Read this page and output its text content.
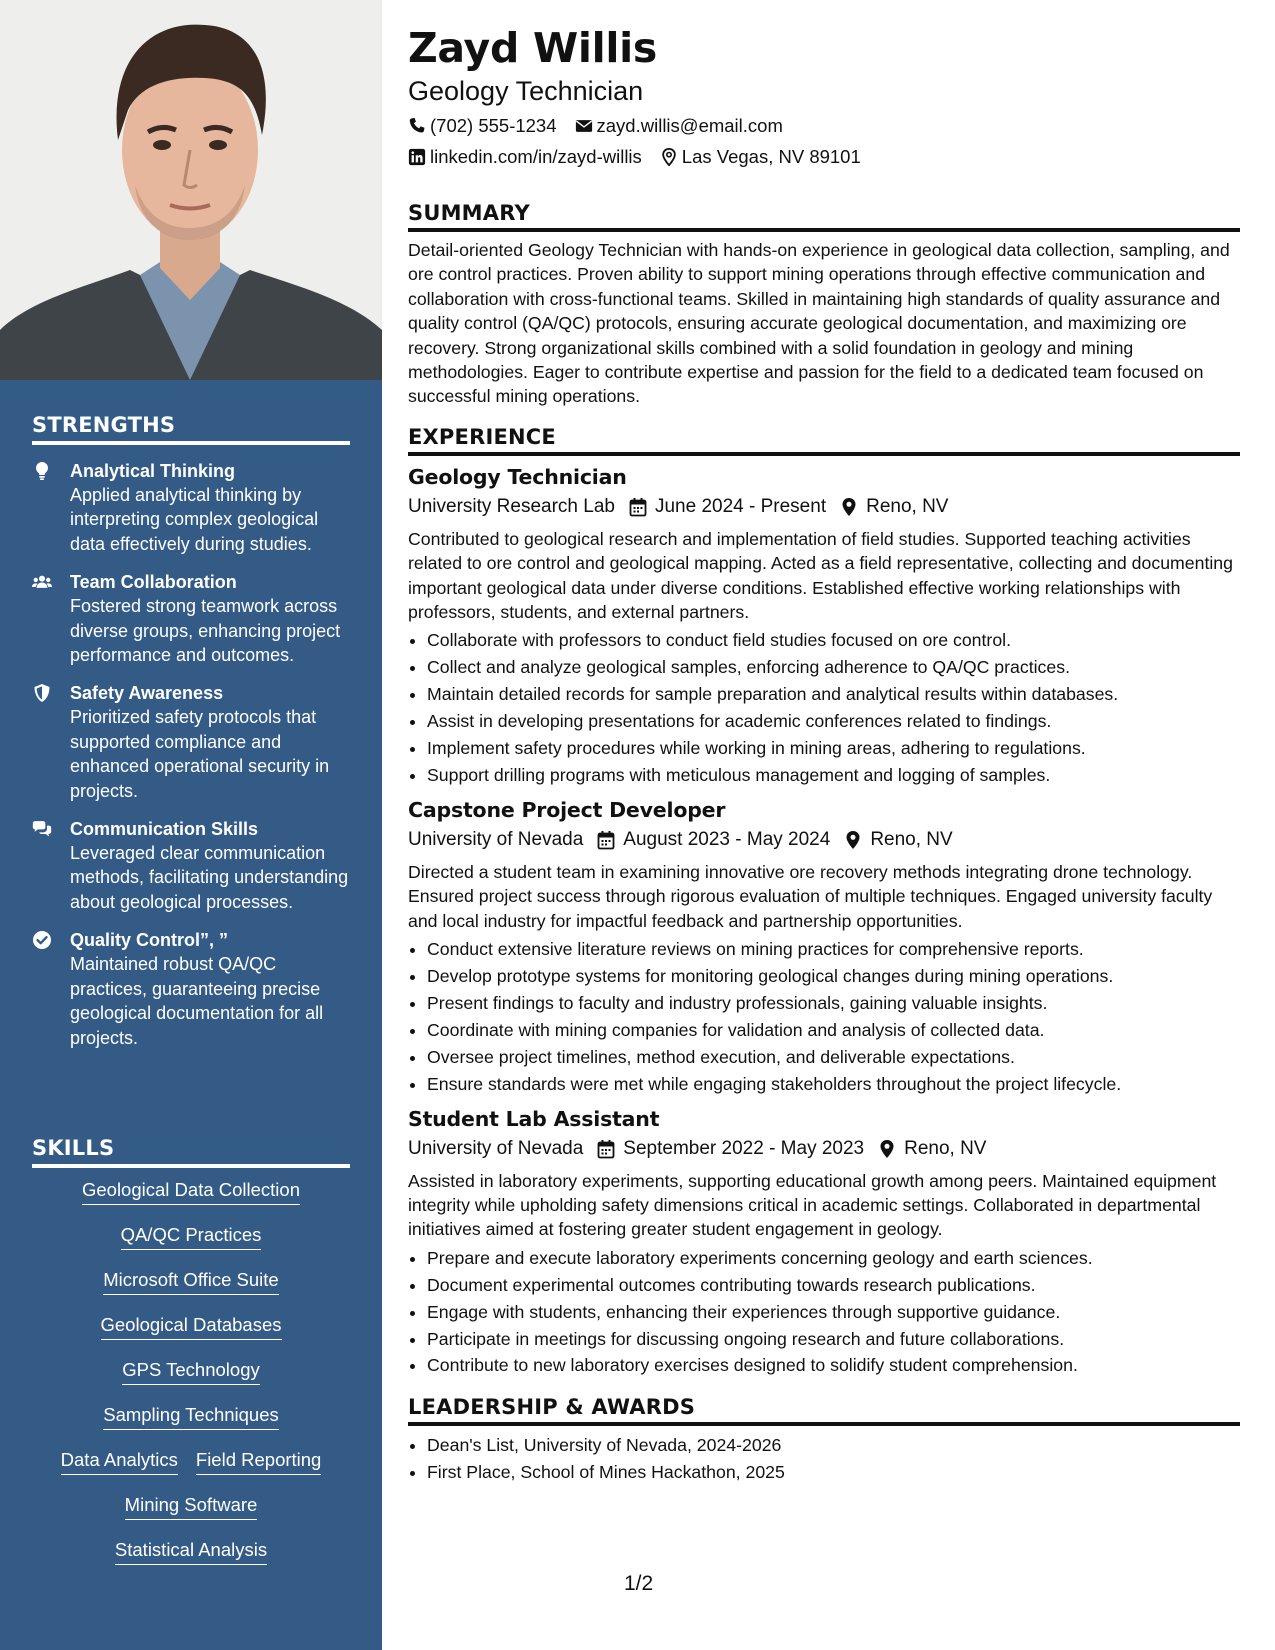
STRENGTHS
Analytical Thinking
Applied analytical thinking by interpreting complex geological data effectively during studies.
Team Collaboration
Fostered strong teamwork across diverse groups, enhancing project performance and outcomes.
Safety Awareness
Prioritized safety protocols that supported compliance and enhanced operational security in projects.
Communication Skills
Leveraged clear communication methods, facilitating understanding about geological processes.
Quality Control”, ”
Maintained robust QA/QC practices, guaranteeing precise geological documentation for all projects.
SKILLS
Geological Data Collection
QA/QC Practices
Microsoft Office Suite
Geological Databases
GPS Technology
Sampling Techniques
Data Analytics Field Reporting
Mining Software
Statistical Analysis
Zayd Willis
Geology Technician
(702) 555-1234 zayd.willis@email.com
linkedin.com/in/zayd-willis Las Vegas, NV 89101
SUMMARY

Detail-oriented Geology Technician with hands-on experience in geological data collection, sampling, and ore control practices. Proven ability to support mining operations through effective communication and collaboration with cross-functional teams. Skilled in maintaining high standards of quality assurance and quality control (QA/QC) protocols, ensuring accurate geological documentation, and maximizing ore recovery. Strong organizational skills combined with a solid foundation in geology and mining methodologies. Eager to contribute expertise and passion for the field to a dedicated team focused on successful mining operations.

EXPERIENCE
Geology Technician
University Research Lab June 2024 - Present Reno, NV

Contributed to geological research and implementation of field studies. Supported teaching activities related to ore control and geological mapping. Acted as a field representative, collecting and documenting important geological data under diverse conditions. Established effective working relationships with professors, students, and external partners.

• Collaborate with professors to conduct field studies focused on ore control.
• Collect and analyze geological samples, enforcing adherence to QA/QC practices.
• Maintain detailed records for sample preparation and analytical results within databases.
• Assist in developing presentations for academic conferences related to findings.
• Implement safety procedures while working in mining areas, adhering to regulations.
• Support drilling programs with meticulous management and logging of samples.
Capstone Project Developer
University of Nevada August 2023 - May 2024 Reno, NV

Directed a student team in examining innovative ore recovery methods integrating drone technology. Ensured project success through rigorous evaluation of multiple techniques. Engaged university faculty and local industry for impactful feedback and partnership opportunities.

• Conduct extensive literature reviews on mining practices for comprehensive reports.
• Develop prototype systems for monitoring geological changes during mining operations.
• Present findings to faculty and industry professionals, gaining valuable insights.
• Coordinate with mining companies for validation and analysis of collected data.
• Oversee project timelines, method execution, and deliverable expectations.
• Ensure standards were met while engaging stakeholders throughout the project lifecycle.
Student Lab Assistant
University of Nevada September 2022 - May 2023 Reno, NV

Assisted in laboratory experiments, supporting educational growth among peers. Maintained equipment integrity while upholding safety dimensions critical in academic settings. Collaborated in departmental initiatives aimed at fostering greater student engagement in geology.

• Prepare and execute laboratory experiments concerning geology and earth sciences.
• Document experimental outcomes contributing towards research publications.
• Engage with students, enhancing their experiences through supportive guidance.
• Participate in meetings for discussing ongoing research and future collaborations.
• Contribute to new laboratory exercises designed to solidify student comprehension.
LEADERSHIP & AWARDS
• Dean's List, University of Nevada, 2024-2026
• First Place, School of Mines Hackathon, 2025
1/2
